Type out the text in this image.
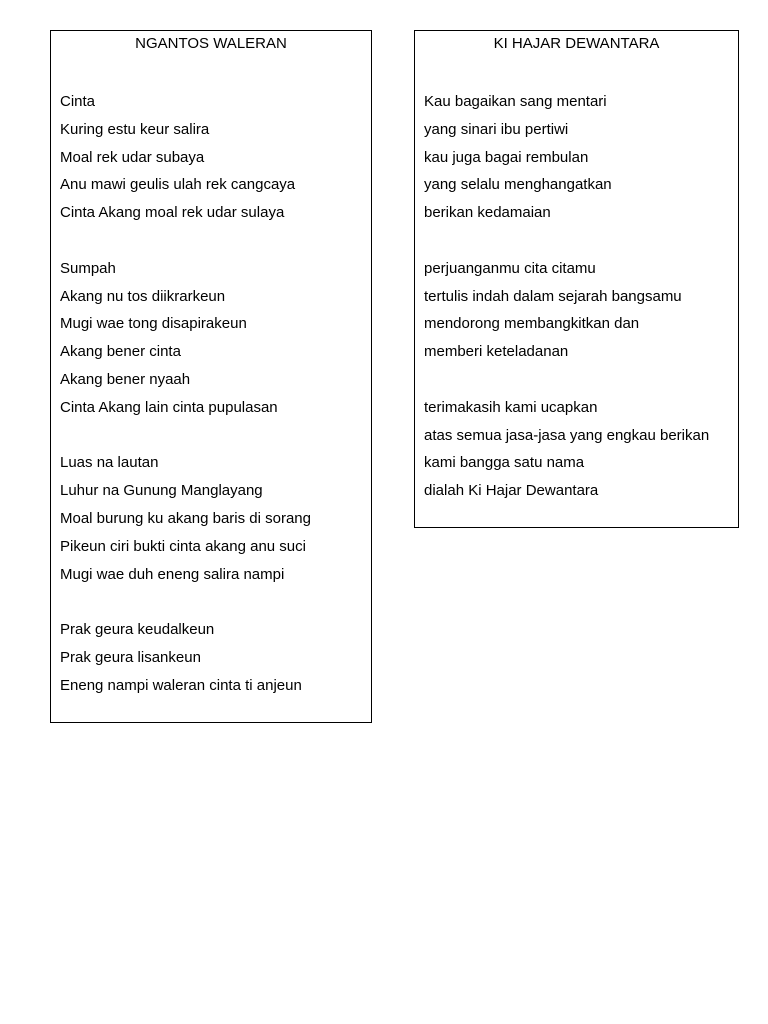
NGANTOS WALERAN
Cinta
Kuring estu keur salira
Moal rek udar subaya
Anu mawi geulis ulah rek cangcaya
Cinta Akang moal rek udar sulaya
Sumpah
Akang nu tos diikrarkeun
Mugi wae tong disapirakeun
Akang bener cinta
Akang bener nyaah
Cinta Akang lain cinta pupulasan
Luas na lautan
Luhur na Gunung Manglayang
Moal burung ku akang baris di sorang
Pikeun ciri bukti cinta akang anu suci
Mugi wae duh eneng salira nampi
Prak geura keudalkeun
Prak geura lisankeun
Eneng nampi waleran cinta ti anjeun
KI HAJAR DEWANTARA
Kau bagaikan sang mentari
yang sinari ibu pertiwi
kau juga bagai rembulan
yang selalu menghangatkan
berikan kedamaian
perjuanganmu cita citamu
tertulis indah dalam sejarah bangsamu
mendorong membangkitkan dan
memberi keteladanan
terimakasih kami ucapkan
atas semua jasa-jasa yang engkau berikan
kami bangga satu nama
dialah Ki Hajar Dewantara
